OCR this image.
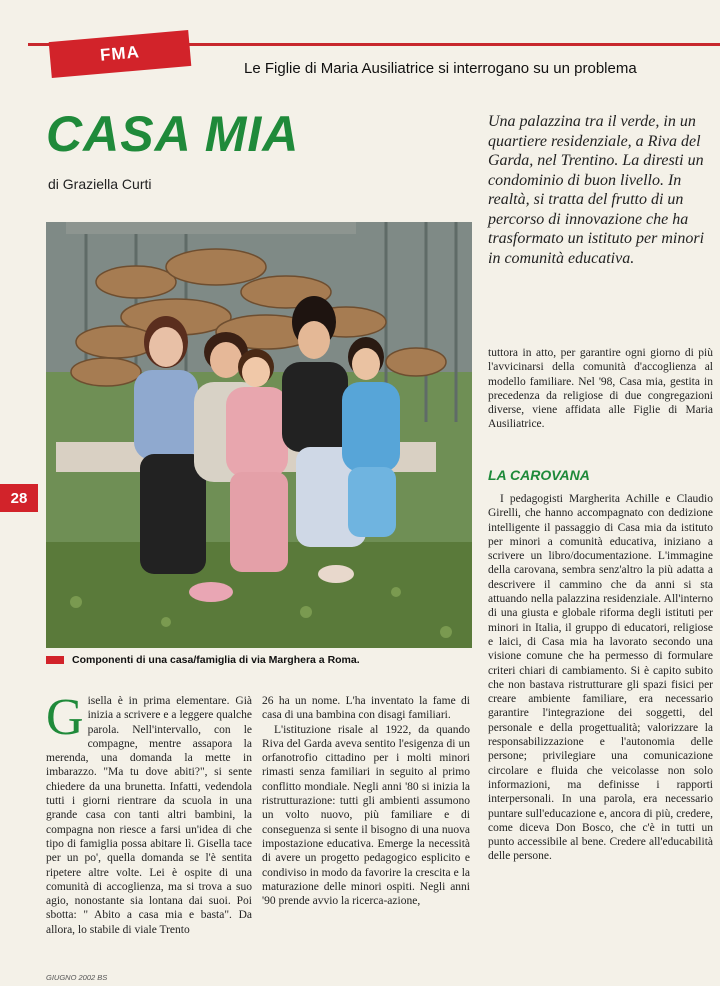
FMA
Le Figlie di Maria Ausiliatrice si interrogano su un problema
CASA MIA
di Graziella Curti
Una palazzina tra il verde, in un quartiere residenziale, a Riva del Garda, nel Trentino. La diresti un condominio di buon livello. In realtà, si tratta del frutto di un percorso di innovazione che ha trasformato un istituto per minori in comunità educativa.
28
Componenti di una casa/famiglia di via Marghera a Roma.
Gisella è in prima elementare. Già inizia a scrivere e a leggere qualche parola. Nell'intervallo, con le compagne, mentre assapora la merenda, una domanda la mette in imbarazzo. "Ma tu dove abiti?", si sente chiedere da una brunetta. Infatti, vedendola tutti i giorni rientrare da scuola in una grande casa con tanti altri bambini, la compagna non riesce a farsi un'idea di che tipo di famiglia possa abitare lì. Gisella tace per un po', quella domanda se l'è sentita ripetere altre volte. Lei è ospite di una comunità di accoglienza, ma si trova a suo agio, nonostante sia lontana dai suoi. Poi sbotta: " Abito a casa mia e basta". Da allora, lo stabile di viale Trento

26 ha un nome. L'ha inventato la fame di casa di una bambina con disagi familiari.

L'istituzione risale al 1922, da quando Riva del Garda aveva sentito l'esigenza di un orfanotrofio cittadino per i molti minori rimasti senza familiari in seguito al primo conflitto mondiale. Negli anni '80 si inizia la ristrutturazione: tutti gli ambienti assumono un volto nuovo, più familiare e di conseguenza si sente il bisogno di una nuova impostazione educativa. Emerge la necessità di avere un progetto pedagogico esplicito e condiviso in modo da favorire la crescita e la maturazione delle minori ospiti. Negli anni '90 prende avvio la ricerca-azione,

tuttora in atto, per garantire ogni giorno di più l'avvicinarsi della comunità d'accoglienza al modello familiare. Nel '98, Casa mia, gestita in precedenza da religiose di due congregazioni diverse, viene affidata alle Figlie di Maria Ausiliatrice.

LA CAROVANA

I pedagogisti Margherita Achille e Claudio Girelli, che hanno accompagnato con dedizione intelligente il passaggio di Casa mia da istituto per minori a comunità educativa, iniziano a scrivere un libro/documentazione. L'immagine della carovana, sembra senz'altro la più adatta a descrivere il cammino che da anni si sta attuando nella palazzina residenziale. All'interno di una giusta e globale riforma degli istituti per minori in Italia, il gruppo di educatori, religiose e laici, di Casa mia ha lavorato secondo una visione comune che ha permesso di formulare criteri chiari di cambiamento. Si è capito subito che non bastava ristrutturare gli spazi fisici per creare ambiente familiare, era necessario garantire l'integrazione dei soggetti, del personale e della progettualità; valorizzare la responsabilizzazione e l'autonomia delle persone; privilegiare una comunicazione circolare e fluida che veicolasse non solo informazioni, ma definisse i rapporti interpersonali. In una parola, era necessario puntare sull'educazione e, ancora di più, credere, come diceva Don Bosco, che c'è in tutti un punto accessibile al bene. Credere all'educabilità delle persone.

GIUGNO 2002 BS
